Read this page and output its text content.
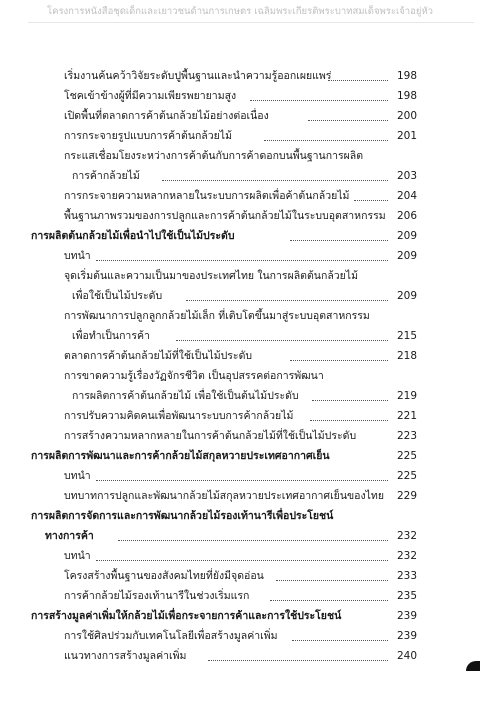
โครงการหนังสือชุดเด็กและเยาวชนด้านการเกษตร เฉลิมพระเกียรติพระบาทสมเด็จพระเจ้าอยู่หัว
เริ่มงานค้นคว้าวิจัยระดับปูพื้นฐานและนำความรู้ออกเผยแพร่	198
โชคเข้าข้างผู้ที่มีความเพียรพยายามสูง	198
เปิดพื้นที่ตลาดการค้าต้นกล้วยไม้อย่างต่อเนื่อง	200
การกระจายรูปแบบการค้าต้นกล้วยไม้	201
กระแสเชื่อมโยงระหว่างการค้าต้นกับการค้าดอกบนพื้นฐานการผลิต
การค้ากล้วยไม้	203
การกระจายความหลากหลายในระบบการผลิตเพื่อค้าต้นกล้วยไม้	204
พื้นฐานภาพรวมของการปลูกและการค้าต้นกล้วยไม้ในระบบอุตสาหกรรม 206
การผลิตต้นกล้วยไม้เพื่อนำไปใช้เป็นไม้ประดับ	209
บทนำ	209
จุดเริ่มต้นและความเป็นมาของประเทศไทย ในการผลิตต้นกล้วยไม้
เพื่อใช้เป็นไม้ประดับ	209
การพัฒนาการปลูกลูกกล้วยไม้เล็ก ที่เติบโตขึ้นมาสู่ระบบอุตสาหกรรม
เพื่อทำเป็นการค้า	215
ตลาดการค้าต้นกล้วยไม้ที่ใช้เป็นไม้ประดับ	218
การขาดความรู้เรื่องวัฏจักรชีวิต เป็นอุปสรรคต่อการพัฒนา
การผลิตการค้าต้นกล้วยไม้ เพื่อใช้เป็นต้นไม้ประดับ	219
การปรับความคิดคนเพื่อพัฒนาระบบการค้ากล้วยไม้	221
การสร้างความหลากหลายในการค้าต้นกล้วยไม้ที่ใช้เป็นไม้ประดับ	223
การผลิตการพัฒนาและการค้ากล้วยไม้สกุลหวายประเทศอากาศเย็น	225
บทนำ	225
บทบาทการปลูกและพัฒนากล้วยไม้สกุลหวายประเทศอากาศเย็นของไทย 229
การผลิตการจัดการและการพัฒนากล้วยไม้รองเท้านารีเพื่อประโยชน์
ทางการค้า	232
บทนำ	232
โครงสร้างพื้นฐานของสังคมไทยที่ยังมีจุดอ่อน	233
การค้ากล้วยไม้รองเท้านารีในช่วงเริ่มแรก	235
การสร้างมูลค่าเพิ่มให้กล้วยไม้เพื่อกระจายการค้าและการใช้ประโยชน์	239
การใช้ศิลปร่วมกับเทคโนโลยีเพื่อสร้างมูลค่าเพิ่ม	239
แนวทางการสร้างมูลค่าเพิ่ม	240
